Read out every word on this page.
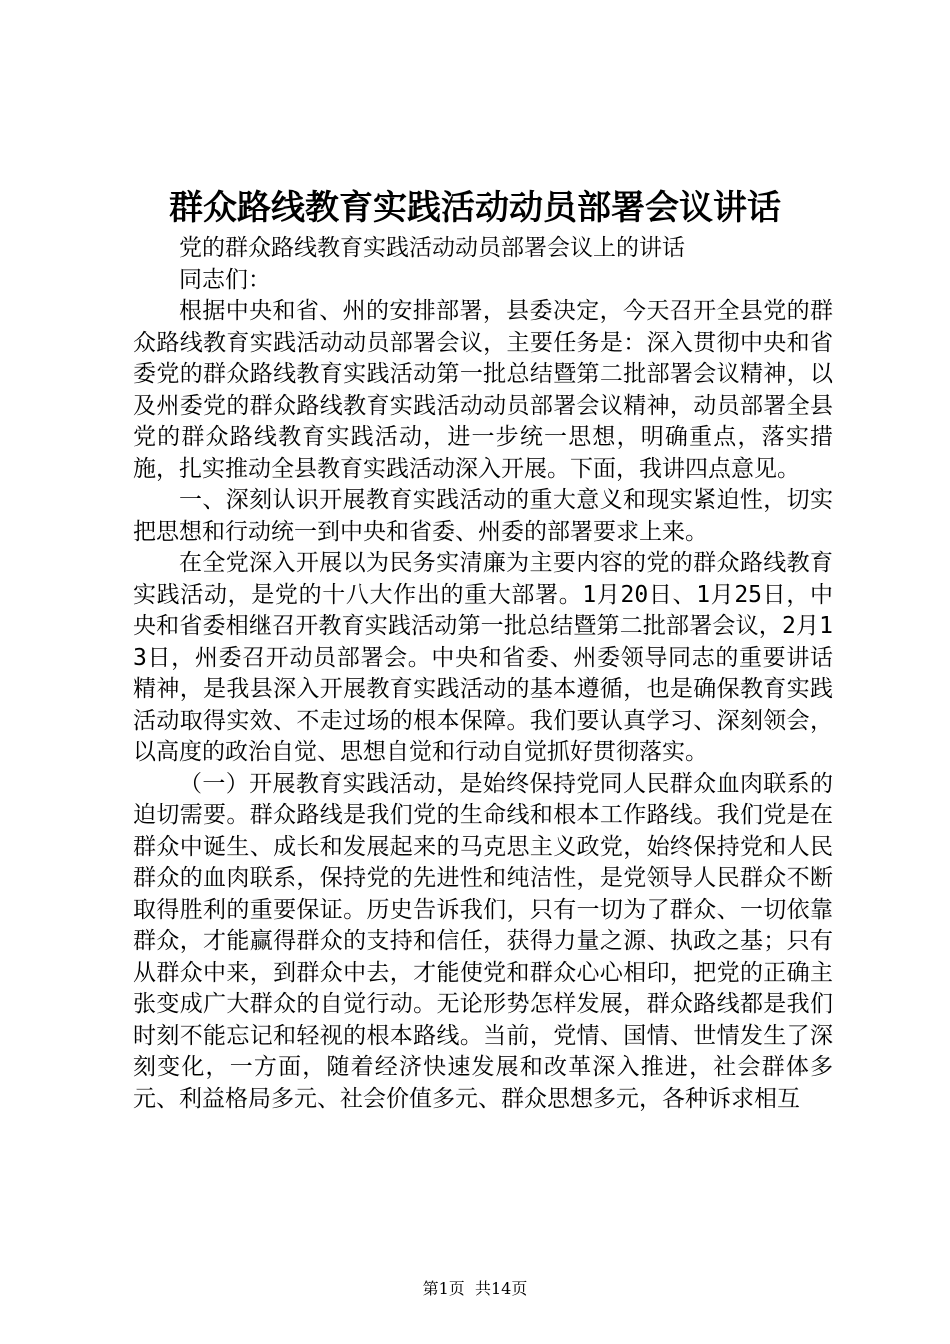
群众路线教育实践活动动员部署会议讲话

党的群众路线教育实践活动动员部署会议上的讲话

同志们：

根据中央和省、州的安排部署，县委决定，今天召开全县党的群众路线教育实践活动动员部署会议，主要任务是：深入贯彻中央和省委党的群众路线教育实践活动第一批总结暨第二批部署会议精神，以及州委党的群众路线教育实践活动动员部署会议精神，动员部署全县党的群众路线教育实践活动，进一步统一思想，明确重点，落实措施，扎实推动全县教育实践活动深入开展。下面，我讲四点意见。

一、深刻认识开展教育实践活动的重大意义和现实紧迫性，切实把思想和行动统一到中央和省委、州委的部署要求上来。

在全党深入开展以为民务实清廉为主要内容的党的群众路线教育实践活动，是党的十八大作出的重大部署。1月20日、1月25日，中央和省委相继召开教育实践活动第一批总结暨第二批部署会议，2月13日，州委召开动员部署会。中央和省委、州委领导同志的重要讲话精神，是我县深入开展教育实践活动的基本遵循，也是确保教育实践活动取得实效、不走过场的根本保障。我们要认真学习、深刻领会，以高度的政治自觉、思想自觉和行动自觉抓好贯彻落实。

（一）开展教育实践活动，是始终保持党同人民群众血肉联系的迫切需要。群众路线是我们党的生命线和根本工作路线。我们党是在群众中诞生、成长和发展起来的马克思主义政党，始终保持党和人民群众的血肉联系，保持党的先进性和纯洁性，是党领导人民群众不断取得胜利的重要保证。历史告诉我们，只有一切为了群众、一切依靠群众，才能赢得群众的支持和信任，获得力量之源、执政之基；只有从群众中来，到群众中去，才能使党和群众心心相印，把党的正确主张变成广大群众的自觉行动。无论形势怎样发展，群众路线都是我们时刻不能忘记和轻视的根本路线。当前，党情、国情、世情发生了深刻变化，一方面，随着经济快速发展和改革深入推进，社会群体多元、利益格局多元、社会价值多元、群众思想多元，各种诉求相互

第1页 共14页
